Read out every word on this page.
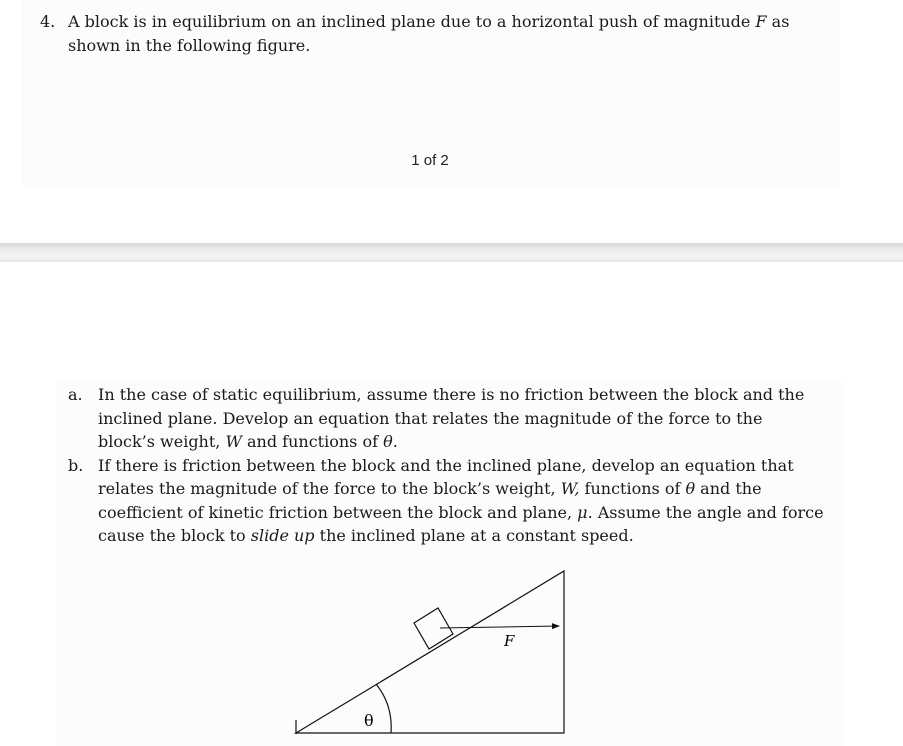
4. A block is in equilibrium on an inclined plane due to a horizontal push of magnitude F as
shown in the following figure.
1 of 2
a. In the case of static equilibrium, assume there is no friction between the block and the
inclined plane. Develop an equation that relates the magnitude of the force to the
block’s weight, W and functions of θ.
b. If there is friction between the block and the inclined plane, develop an equation that
relates the magnitude of the force to the block’s weight, W, functions of θ and the
coefficient of kinetic friction between the block and plane, μ. Assume the angle and force
cause the block to slide up the inclined plane at a constant speed.
F
θ
